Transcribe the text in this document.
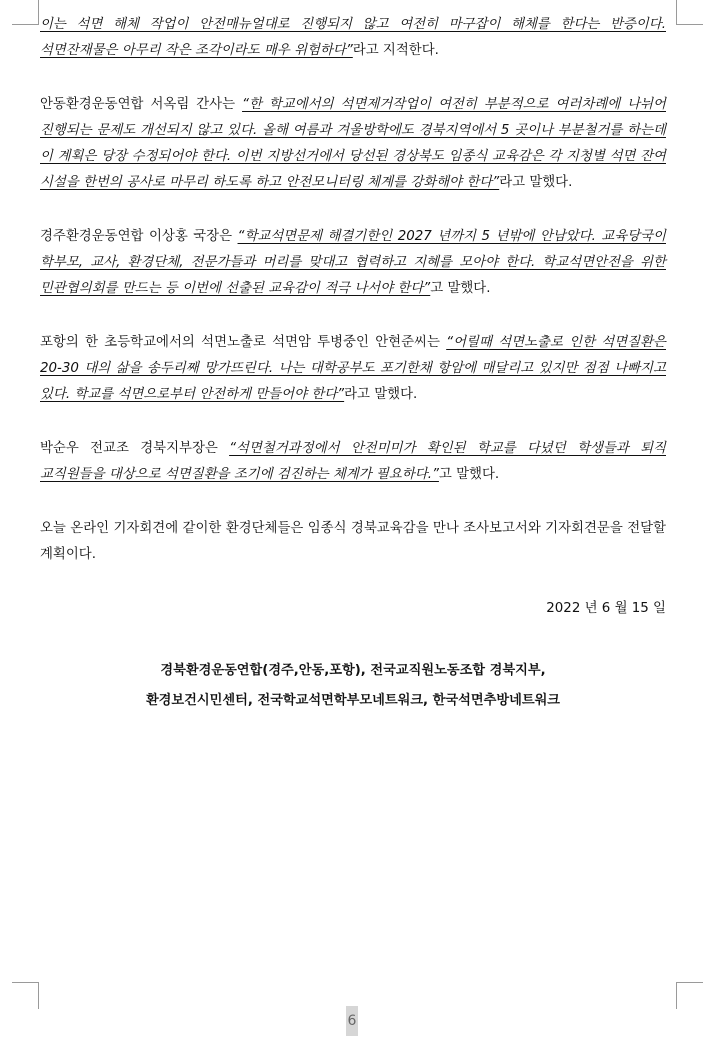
이는 석면 해체 작업이 안전매뉴얼대로 진행되지 않고 여전히 마구잡이 해체를 한다는 반증이다. 석면잔재물은 아무리 작은 조각이라도 매우 위험하다”라고 지적한다.

안동환경운동연합 서옥림 간사는 “한 학교에서의 석면제거작업이 여전히 부분적으로 여러차례에 나뉘어 진행되는 문제도 개선되지 않고 있다. 올해 여름과 겨울방학에도 경북지역에서 5 곳이나 부분철거를 하는데 이 계획은 당장 수정되어야 한다. 이번 지방선거에서 당선된 경상북도 임종식 교육감은 각 지청별 석면 잔여 시설을 한번의 공사로 마무리 하도록 하고 안전모니터링 체계를 강화해야 한다”라고 말했다.

경주환경운동연합 이상홍 국장은 “학교석면문제 해결기한인 2027 년까지 5 년밖에 안남았다. 교육당국이 학부모, 교사, 환경단체, 전문가들과 머리를 맞대고 협력하고 지혜를 모아야 한다. 학교석면안전을 위한 민관협의회를 만드는 등 이번에 선출된 교육감이 적극 나서야 한다”고 말했다.

포항의 한 초등학교에서의 석면노출로 석면암 투병중인 안현준씨는 “어릴때 석면노출로 인한 석면질환은 20-30 대의 삶을 송두리째 망가뜨린다. 나는 대학공부도 포기한채 항암에 매달리고 있지만 점점 나빠지고 있다. 학교를 석면으로부터 안전하게 만들어야 한다”라고 말했다.

박순우 전교조 경북지부장은 “석면철거과정에서 안전미미가 확인된 학교를 다녔던 학생들과 퇴직 교직원들을 대상으로 석면질환을 조기에 검진하는 체계가 필요하다.”고 말했다.

오늘 온라인 기자회견에 같이한 환경단체들은 임종식 경북교육감을 만나 조사보고서와 기자회견문을 전달할 계획이다.

2022 년 6 월 15 일

경북환경운동연합(경주,안동,포항), 전국교직원노동조합 경북지부,

환경보건시민센터, 전국학교석면학부모네트워크, 한국석면추방네트워크

6
